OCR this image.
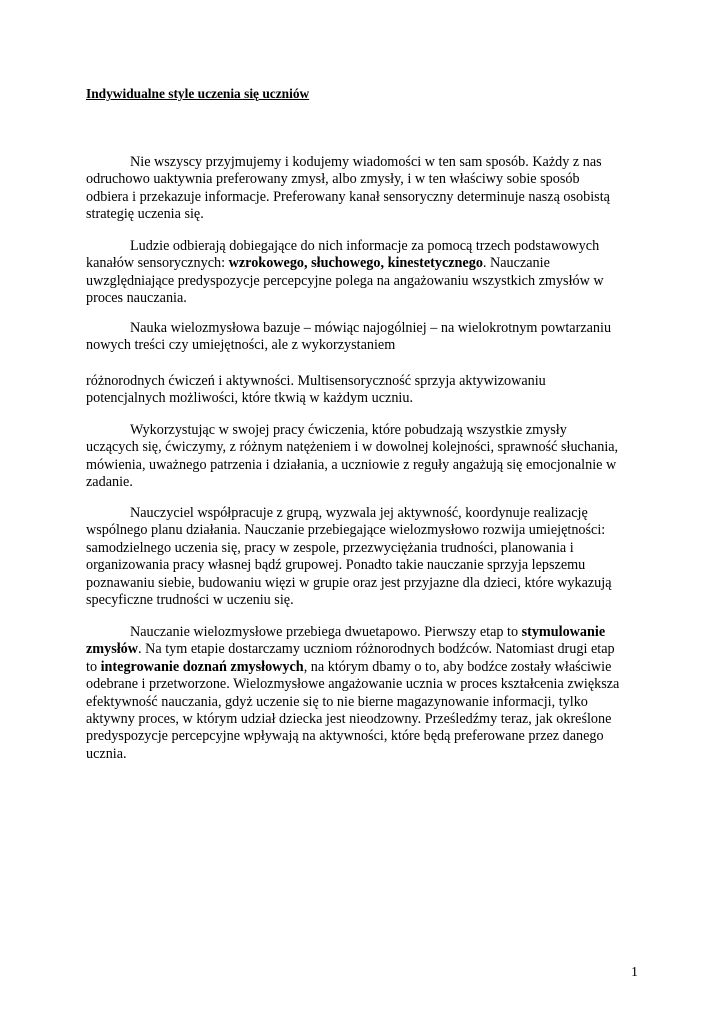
Indywidualne style uczenia się uczniów
Nie wszyscy przyjmujemy i kodujemy wiadomości w ten sam sposób. Każdy z nas
odruchowo uaktywnia preferowany zmysł, albo zmysły, i w ten właściwy sobie sposób
odbiera i przekazuje informacje. Preferowany kanał sensoryczny determinuje naszą osobistą
strategię uczenia się.
Ludzie odbierają dobiegające do nich informacje za pomocą trzech podstawowych
kanałów sensorycznych: wzrokowego, słuchowego, kinestetycznego. Nauczanie
uwzględniające predyspozycje percepcyjne polega na angażowaniu wszystkich zmysłów w
proces nauczania.
Nauka wielozmysłowa bazuje – mówiąc najogólniej – na wielokrotnym powtarzaniu
nowych treści czy umiejętności, ale z wykorzystaniem
różnorodnych ćwiczeń i aktywności. Multisensoryczność sprzyja aktywizowaniu
potencjalnych możliwości, które tkwią w każdym uczniu.
Wykorzystując w swojej pracy ćwiczenia, które pobudzają wszystkie zmysły
uczących się, ćwiczymy, z różnym natężeniem i w dowolnej kolejności, sprawność słuchania,
mówienia, uważnego patrzenia i działania, a uczniowie z reguły angażują się emocjonalnie w
zadanie.
Nauczyciel współpracuje z grupą, wyzwala jej aktywność, koordynuje realizację
wspólnego planu działania. Nauczanie przebiegające wielozmysłowo rozwija umiejętności:
samodzielnego uczenia się, pracy w zespole, przezwyciężania trudności, planowania i
organizowania pracy własnej bądź grupowej. Ponadto takie nauczanie sprzyja lepszemu
poznawaniu siebie, budowaniu więzi w grupie oraz jest przyjazne dla dzieci, które wykazują
specyficzne trudności w uczeniu się.
Nauczanie wielozmysłowe przebiega dwuetapowo. Pierwszy etap to stymulowanie
zmysłów. Na tym etapie dostarczamy uczniom różnorodnych bodźców. Natomiast drugi etap
to integrowanie doznań zmysłowych, na którym dbamy o to, aby bodźce zostały właściwie
odebrane i przetworzone. Wielozmysłowe angażowanie ucznia w proces kształcenia zwiększa
efektywność nauczania, gdyż uczenie się to nie bierne magazynowanie informacji, tylko
aktywny proces, w którym udział dziecka jest nieodzowny. Prześledźmy teraz, jak określone
predyspozycje percepcyjne wpływają na aktywności, które będą preferowane przez danego
ucznia.
1
